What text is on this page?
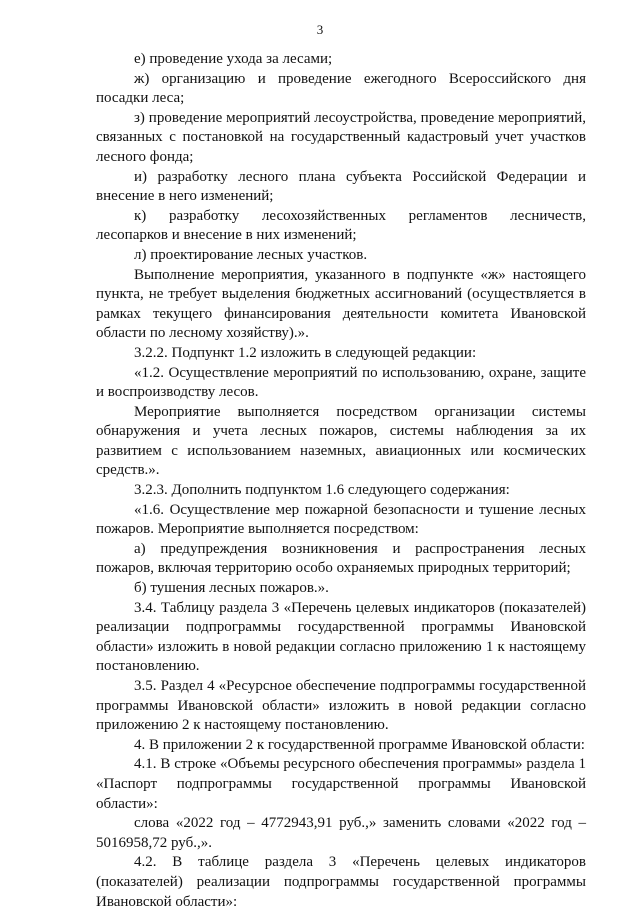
3

е) проведение ухода за лесами;

ж) организацию и проведение ежегодного Всероссийского дня посадки леса;

з) проведение мероприятий лесоустройства, проведение мероприятий, связанных с постановкой на государственный кадастровый учет участков лесного фонда;

и) разработку лесного плана субъекта Российской Федерации и внесение в него изменений;

к) разработку лесохозяйственных регламентов лесничеств, лесопарков и внесение в них изменений;

л) проектирование лесных участков.

Выполнение мероприятия, указанного в подпункте «ж» настоящего пункта, не требует выделения бюджетных ассигнований (осуществляется в рамках текущего финансирования деятельности комитета Ивановской области по лесному хозяйству).».

3.2.2. Подпункт 1.2 изложить в следующей редакции:

«1.2. Осуществление мероприятий по использованию, охране, защите и воспроизводству лесов.

Мероприятие выполняется посредством организации системы обнаружения и учета лесных пожаров, системы наблюдения за их развитием с использованием наземных, авиационных или космических средств.».

3.2.3. Дополнить подпунктом 1.6 следующего содержания:

«1.6. Осуществление мер пожарной безопасности и тушение лесных пожаров. Мероприятие выполняется посредством:

а) предупреждения возникновения и распространения лесных пожаров, включая территорию особо охраняемых природных территорий;

б) тушения лесных пожаров.».

3.4. Таблицу раздела 3 «Перечень целевых индикаторов (показателей) реализации подпрограммы государственной программы Ивановской области» изложить в новой редакции согласно приложению 1 к настоящему постановлению.

3.5. Раздел 4 «Ресурсное обеспечение подпрограммы государственной программы Ивановской области» изложить в новой редакции согласно приложению 2 к настоящему постановлению.

4. В приложении 2 к государственной программе Ивановской области:

4.1. В строке «Объемы ресурсного обеспечения программы» раздела 1 «Паспорт подпрограммы государственной программы Ивановской области»:

слова «2022 год – 4772943,91 руб.,» заменить словами «2022 год – 5016958,72 руб.,».

4.2. В таблице раздела 3 «Перечень целевых индикаторов (показателей) реализации подпрограммы государственной программы Ивановской области»:
